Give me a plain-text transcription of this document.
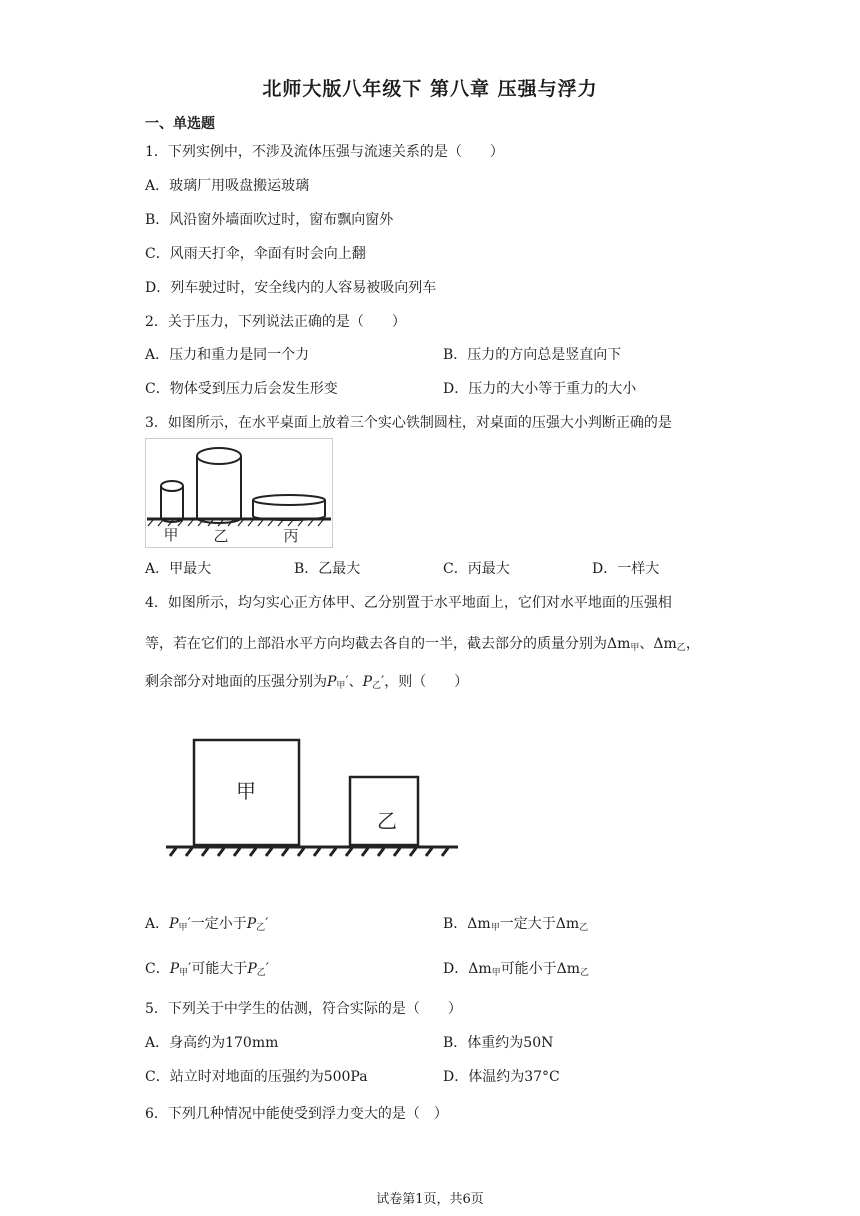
北师大版八年级下 第八章 压强与浮力
一、单选题
1．下列实例中，不涉及流体压强与流速关系的是（　　）
A．玻璃厂用吸盘搬运玻璃
B．风沿窗外墙面吹过时，窗布飘向窗外
C．风雨天打伞，伞面有时会向上翻
D．列车驶过时，安全线内的人容易被吸向列车
2．关于压力，下列说法正确的是（　　）
A．压力和重力是同一个力	B．压力的方向总是竖直向下
C．物体受到压力后会发生形变	D．压力的大小等于重力的大小
3．如图所示，在水平桌面上放着三个实心铁制圆柱，对桌面的压强大小判断正确的是
甲 乙	丙
A．甲最大	B．乙最大	C．丙最大	D．一样大
4．如图所示，均匀实心正方体甲、乙分别置于水平地面上，它们对水平地面的压强相
等，若在它们的上部沿水平方向均截去各自的一半，截去部分的质量分别为$\Delta m_甲$、$\Delta m_乙$，
剩余部分对地面的压强分别为$P_甲'$、$P_乙'$，则（　　）
甲
乙
A．$P_甲'$一定小于$P_乙'$	B．$\Delta m_甲$一定大于$\Delta m_乙$
C．$P_甲'$可能大于$P_乙'$	D．$\Delta m_甲$可能小于$\Delta m_乙$
5．下列关于中学生的估测，符合实际的是（　　）
A．身高约为170mm	B．体重约为50N
C．站立时对地面的压强约为500Pa	D．体温约为37°C
6．下列几种情况中能使受到浮力变大的是（　）
试卷第1页，共6页
